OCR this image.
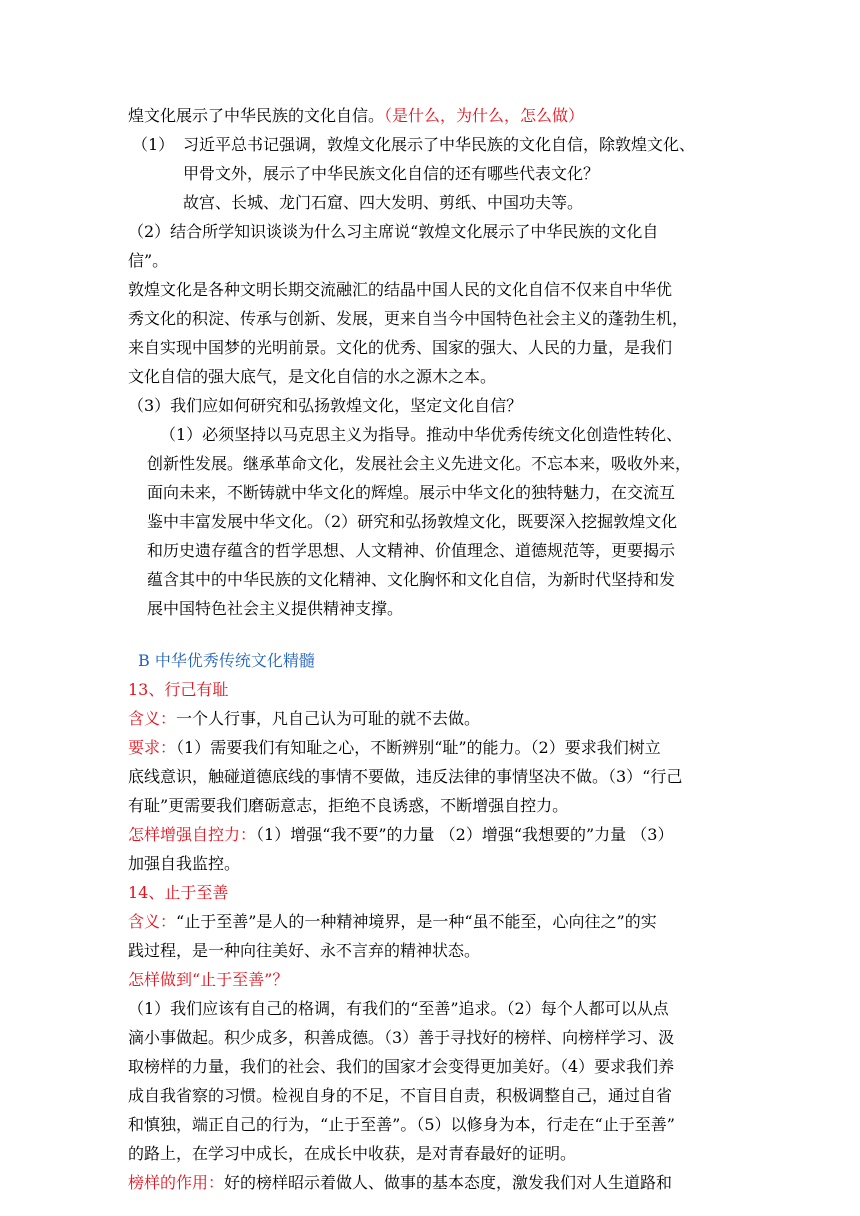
煌文化展示了中华民族的文化自信。（是什么，为什么，怎么做）
（1） 习近平总书记强调，敦煌文化展示了中华民族的文化自信，除敦煌文化、
甲骨文外，展示了中华民族文化自信的还有哪些代表文化？
故宫、长城、龙门石窟、四大发明、剪纸、中国功夫等。
（2）结合所学知识谈谈为什么习主席说“敦煌文化展示了中华民族的文化自
信”。
敦煌文化是各种文明长期交流融汇的结晶中国人民的文化自信不仅来自中华优
秀文化的积淀、传承与创新、发展，更来自当今中国特色社会主义的蓬勃生机，
来自实现中国梦的光明前景。文化的优秀、国家的强大、人民的力量，是我们
文化自信的强大底气，是文化自信的水之源木之本。
（3）我们应如何研究和弘扬敦煌文化，坚定文化自信？
（1）必须坚持以马克思主义为指导。推动中华优秀传统文化创造性转化、
创新性发展。继承革命文化，发展社会主义先进文化。不忘本来，吸收外来，
面向未来，不断铸就中华文化的辉煌。展示中华文化的独特魅力，在交流互
鉴中丰富发展中华文化。（2）研究和弘扬敦煌文化，既要深入挖掘敦煌文化
和历史遗存蕴含的哲学思想、人文精神、价值理念、道德规范等，更要揭示
蕴含其中的中华民族的文化精神、文化胸怀和文化自信，为新时代坚持和发
展中国特色社会主义提供精神支撑。
B 中华优秀传统文化精髓
13、行己有耻
含义：一个人行事，凡自己认为可耻的就不去做。
要求：（1）需要我们有知耻之心，不断辨别“耻”的能力。（2）要求我们树立
底线意识，触碰道德底线的事情不要做，违反法律的事情坚决不做。（3）“行己
有耻”更需要我们磨砺意志，拒绝不良诱惑，不断增强自控力。
怎样增强自控力：（1）增强“我不要”的力量 （2）增强“我想要的”力量 （3）
加强自我监控。
14、止于至善
含义：“止于至善”是人的一种精神境界，是一种“虽不能至，心向往之”的实
践过程，是一种向往美好、永不言弃的精神状态。
怎样做到“止于至善”？
（1）我们应该有自己的格调，有我们的“至善”追求。（2）每个人都可以从点
滴小事做起。积少成多，积善成德。（3）善于寻找好的榜样、向榜样学习、汲
取榜样的力量，我们的社会、我们的国家才会变得更加美好。（4）要求我们养
成自我省察的习惯。检视自身的不足，不盲目自责，积极调整自己，通过自省
和慎独，端正自己的行为，“止于至善”。（5）以修身为本，行走在“止于至善”
的路上，在学习中成长，在成长中收获，是对青春最好的证明。
榜样的作用：好的榜样昭示着做人、做事的基本态度，激发我们对人生道路和
